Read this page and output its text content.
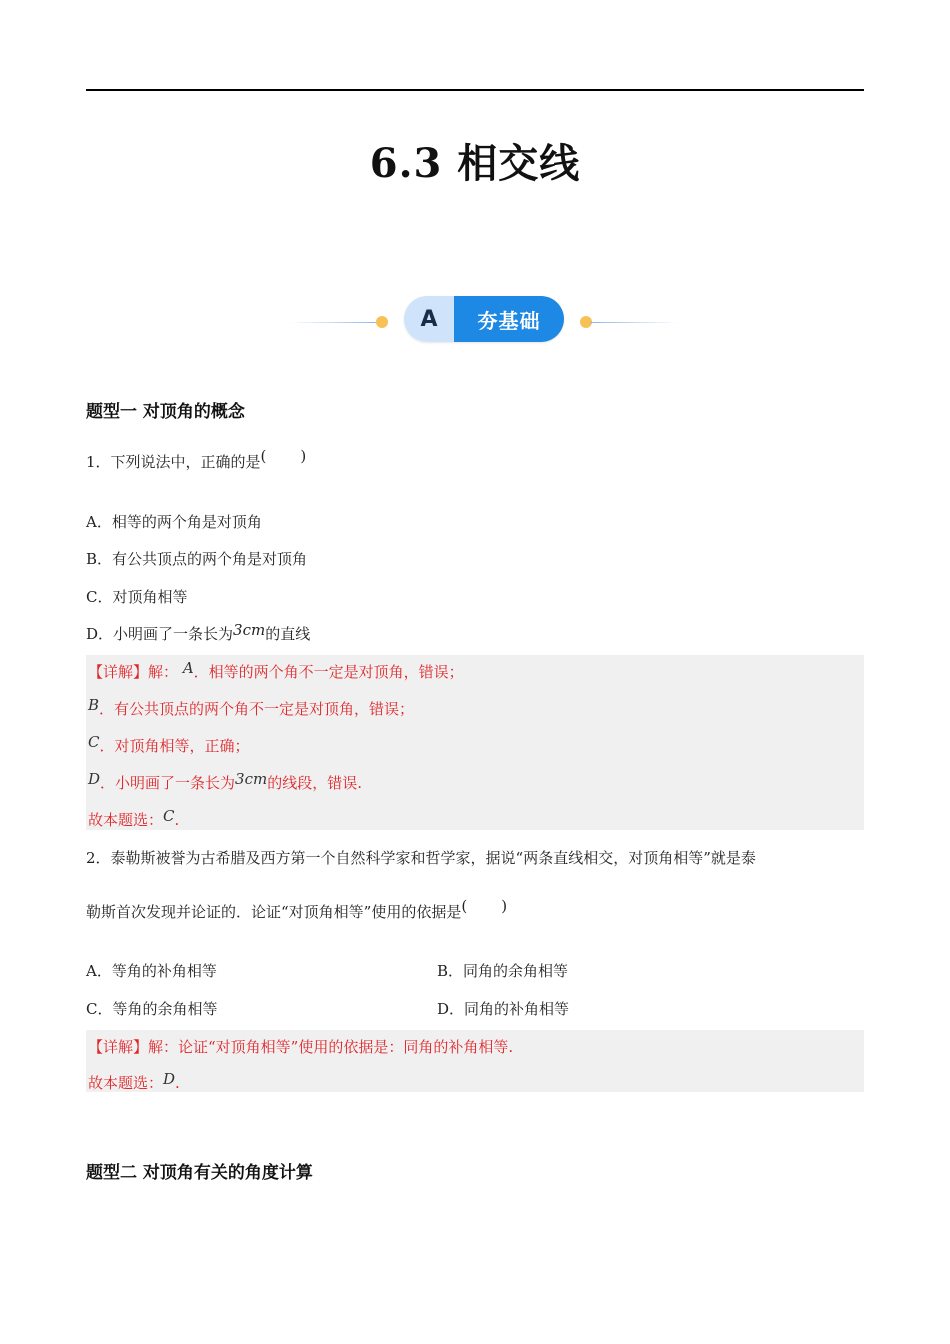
6.3 相交线
A	夯基础
题型一 对顶角的概念
1．下列说法中，正确的是( )
A．相等的两个角是对顶角
B．有公共顶点的两个角是对顶角
C．对顶角相等
D．小明画了一条长为3cm的直线
【详解】解： A．相等的两个角不一定是对顶角，错误；
B．有公共顶点的两个角不一定是对顶角，错误；
C．对顶角相等，正确；
D．小明画了一条长为3cm的线段，错误.
故本题选：C.
2．泰勒斯被誉为古希腊及西方第一个自然科学家和哲学家，据说“两条直线相交，对顶角相等”就是泰
勒斯首次发现并论证的．论证“对顶角相等”使用的依据是( )
A．等角的补角相等	B．同角的余角相等
C．等角的余角相等	D．同角的补角相等
【详解】解：论证“对顶角相等”使用的依据是：同角的补角相等.
故本题选：D.
题型二 对顶角有关的角度计算
